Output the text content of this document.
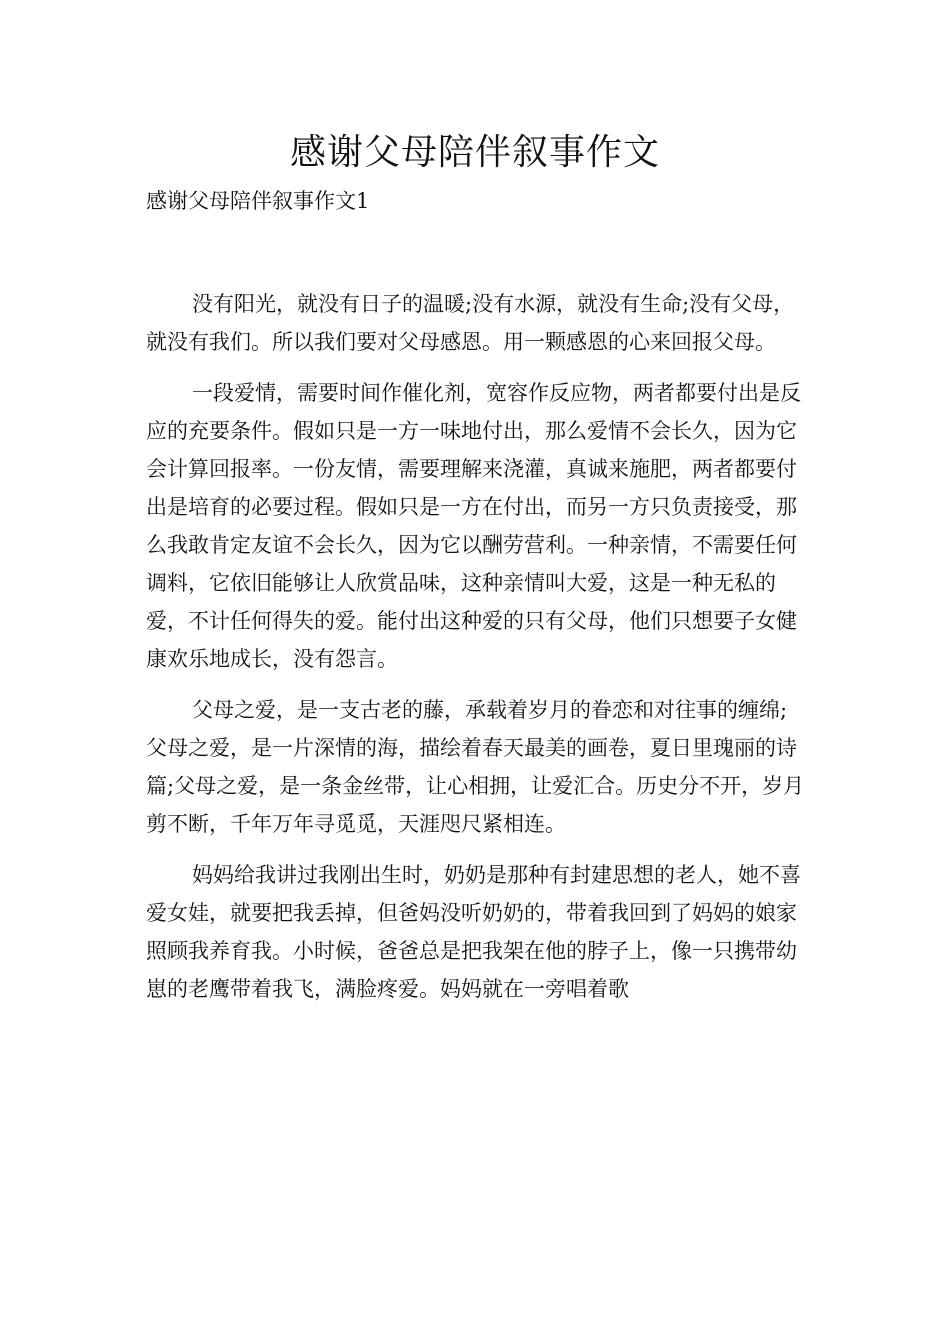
感谢父母陪伴叙事作文
感谢父母陪伴叙事作文1

没有阳光，就没有日子的温暖;没有水源，就没有生命;没有父母，就没有我们。所以我们要对父母感恩。用一颗感恩的心来回报父母。

一段爱情，需要时间作催化剂，宽容作反应物，两者都要付出是反应的充要条件。假如只是一方一味地付出，那么爱情不会长久，因为它会计算回报率。一份友情，需要理解来浇灌，真诚来施肥，两者都要付出是培育的必要过程。假如只是一方在付出，而另一方只负责接受，那么我敢肯定友谊不会长久，因为它以酬劳营利。一种亲情，不需要任何调料，它依旧能够让人欣赏品味，这种亲情叫大爱，这是一种无私的爱，不计任何得失的爱。能付出这种爱的只有父母，他们只想要子女健康欢乐地成长，没有怨言。

父母之爱，是一支古老的藤，承载着岁月的眷恋和对往事的缠绵;父母之爱，是一片深情的海，描绘着春天最美的画卷，夏日里瑰丽的诗篇;父母之爱，是一条金丝带，让心相拥，让爱汇合。历史分不开，岁月剪不断，千年万年寻觅觅，天涯咫尺紧相连。

妈妈给我讲过我刚出生时，奶奶是那种有封建思想的老人，她不喜爱女娃，就要把我丢掉，但爸妈没听奶奶的，带着我回到了妈妈的娘家照顾我养育我。小时候，爸爸总是把我架在他的脖子上，像一只携带幼崽的老鹰带着我飞，满脸疼爱。妈妈就在一旁唱着歌
